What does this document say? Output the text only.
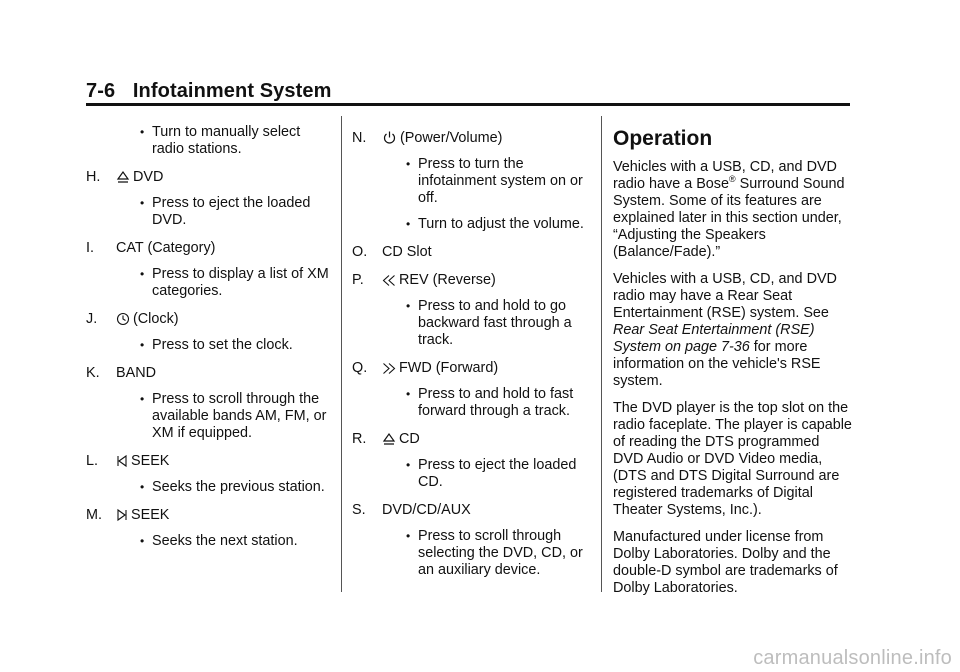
7-6 Infotainment System
• Turn to manually select radio stations.
H.	DVD
• Press to eject the loaded DVD.
I.	CAT (Category)
• Press to display a list of XM categories.
J.	(Clock)
• Press to set the clock.
K.	BAND
• Press to scroll through the available bands AM, FM, or XM if equipped.
L.	SEEK
• Seeks the previous station.
M.	SEEK
• Seeks the next station.
N.	(Power/Volume)
• Press to turn the infotainment system on or off.
• Turn to adjust the volume.
O.	CD Slot
P.	REV (Reverse)
• Press to and hold to go backward fast through a track.
Q.	FWD (Forward)
• Press to and hold to fast forward through a track.
R.	CD
• Press to eject the loaded CD.
S.	DVD/CD/AUX
• Press to scroll through selecting the DVD, CD, or an auxiliary device.
Operation

Vehicles with a USB, CD, and DVD radio have a Bose® Surround Sound System. Some of its features are explained later in this section under, “Adjusting the Speakers (Balance/Fade).”

Vehicles with a USB, CD, and DVD radio may have a Rear Seat Entertainment (RSE) system. See Rear Seat Entertainment (RSE) System on page 7‑36 for more information on the vehicle's RSE system.

The DVD player is the top slot on the radio faceplate. The player is capable of reading the DTS programmed DVD Audio or DVD Video media, (DTS and DTS Digital Surround are registered trademarks of Digital Theater Systems, Inc.).

Manufactured under license from Dolby Laboratories. Dolby and the double-D symbol are trademarks of Dolby Laboratories.

carmanualsonline.info
